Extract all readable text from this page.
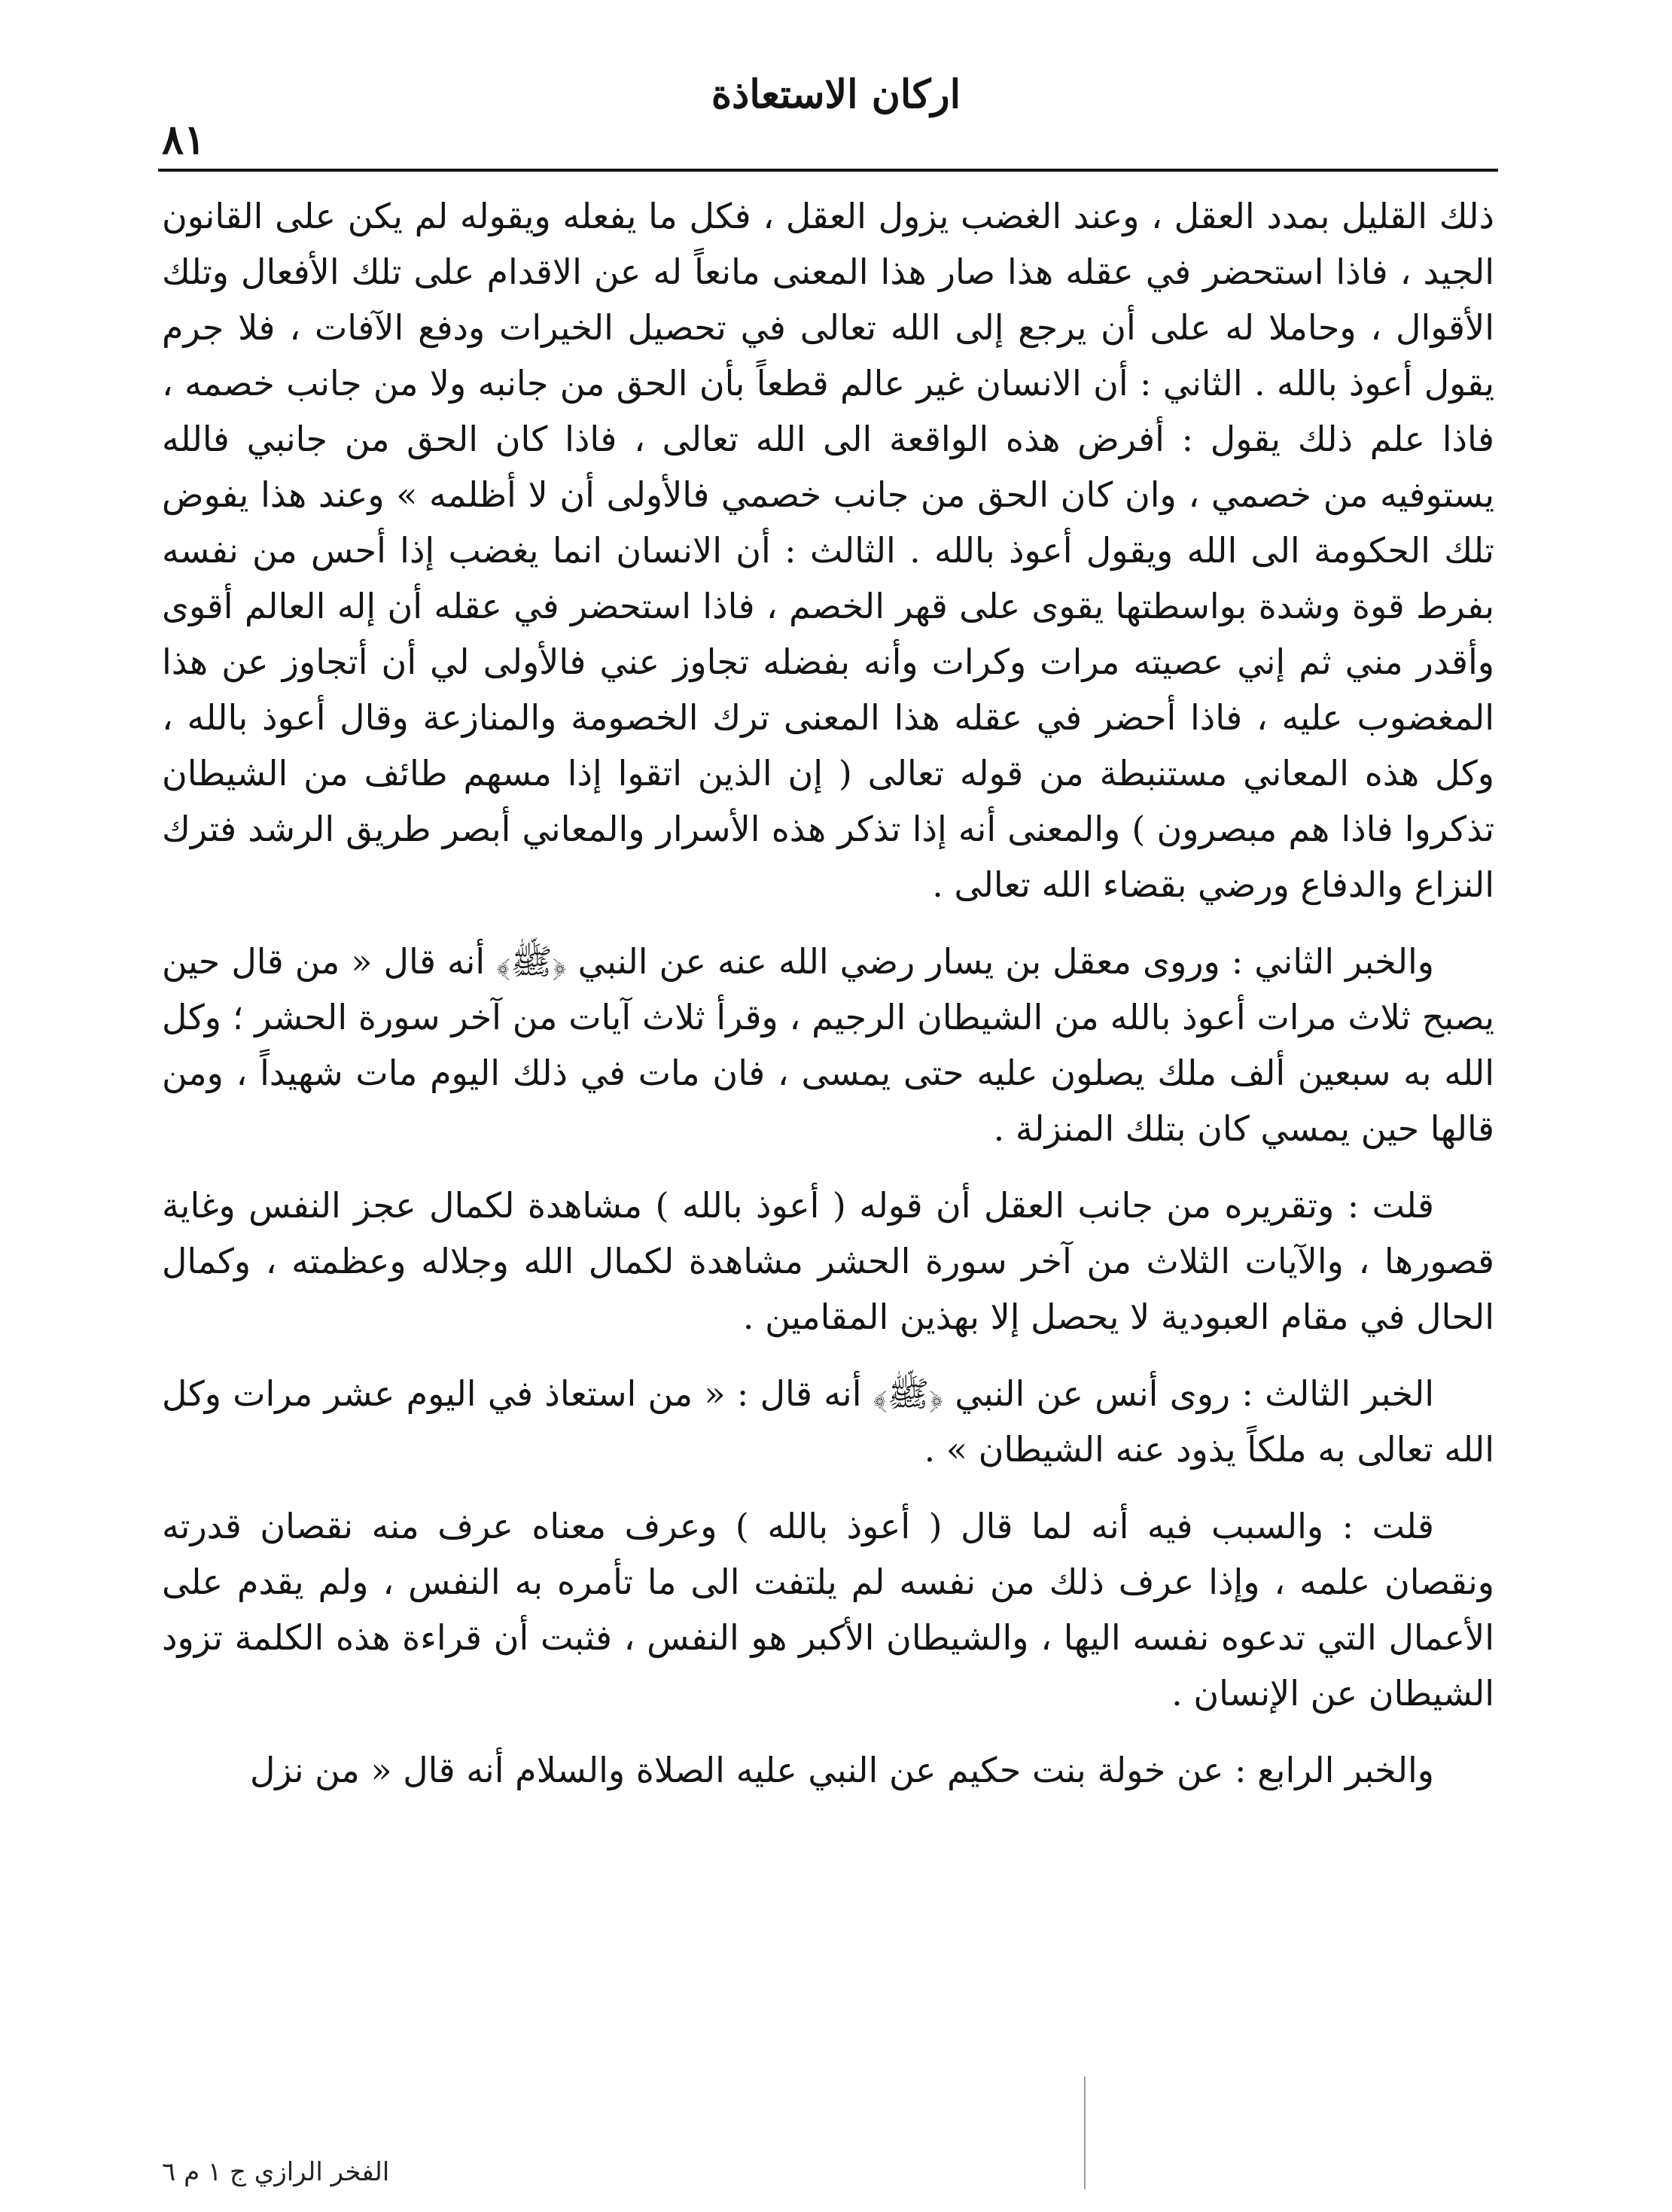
اركان الاستعاذة
٨١

ذلك القليل بمدد العقل ، وعند الغضب يزول العقل ، فكل ما يفعله ويقوله لم يكن على القانون الجيد ، فاذا استحضر في عقله هذا صار هذا المعنى مانعاً له عن الاقدام على تلك الأفعال وتلك الأقوال ، وحاملا له على أن يرجع إلى الله تعالى في تحصيل الخيرات ودفع الآفات ، فلا جرم يقول أعوذ بالله . الثاني : أن الانسان غير عالم قطعاً بأن الحق من جانبه ولا من جانب خصمه ، فاذا علم ذلك يقول : أفرض هذه الواقعة الى الله تعالى ، فاذا كان الحق من جانبي فالله يستوفيه من خصمي ، وان كان الحق من جانب خصمي فالأولى أن لا أظلمه » وعند هذا يفوض تلك الحكومة الى الله ويقول أعوذ بالله . الثالث : أن الانسان انما يغضب إذا أحس من نفسه بفرط قوة وشدة بواسطتها يقوى على قهر الخصم ، فاذا استحضر في عقله أن إله العالم أقوى وأقدر مني ثم إني عصيته مرات وكرات وأنه بفضله تجاوز عني فالأولى لي أن أتجاوز عن هذا المغضوب عليه ، فاذا أحضر في عقله هذا المعنى ترك الخصومة والمنازعة وقال أعوذ بالله ، وكل هذه المعاني مستنبطة من قوله تعالى ( إن الذين اتقوا إذا مسهم طائف من الشيطان تذكروا فاذا هم مبصرون ) والمعنى أنه إذا تذكر هذه الأسرار والمعاني أبصر طريق الرشد فترك النزاع والدفاع ورضي بقضاء الله تعالى .

والخبر الثاني : وروى معقل بن يسار رضي الله عنه عن النبي ﴿ﷺ﴾ أنه قال « من قال حين يصبح ثلاث مرات أعوذ بالله من الشيطان الرجيم ، وقرأ ثلاث آيات من آخر سورة الحشر ؛ وكل الله به سبعين ألف ملك يصلون عليه حتى يمسى ، فان مات في ذلك اليوم مات شهيداً ، ومن قالها حين يمسي كان بتلك المنزلة .

قلت : وتقريره من جانب العقل أن قوله ( أعوذ بالله ) مشاهدة لكمال عجز النفس وغاية قصورها ، والآيات الثلاث من آخر سورة الحشر مشاهدة لكمال الله وجلاله وعظمته ، وكمال الحال في مقام العبودية لا يحصل إلا بهذين المقامين .

الخبر الثالث : روى أنس عن النبي ﴿ﷺ﴾ أنه قال : « من استعاذ في اليوم عشر مرات وكل الله تعالى به ملكاً يذود عنه الشيطان » .

قلت : والسبب فيه أنه لما قال ( أعوذ بالله ) وعرف معناه عرف منه نقصان قدرته ونقصان علمه ، وإذا عرف ذلك من نفسه لم يلتفت الى ما تأمره به النفس ، ولم يقدم على الأعمال التي تدعوه نفسه اليها ، والشيطان الأكبر هو النفس ، فثبت أن قراءة هذه الكلمة تزود الشيطان عن الإنسان .

والخبر الرابع : عن خولة بنت حكيم عن النبي عليه الصلاة والسلام أنه قال « من نزل

الفخر الرازي ج ١ م ٦
